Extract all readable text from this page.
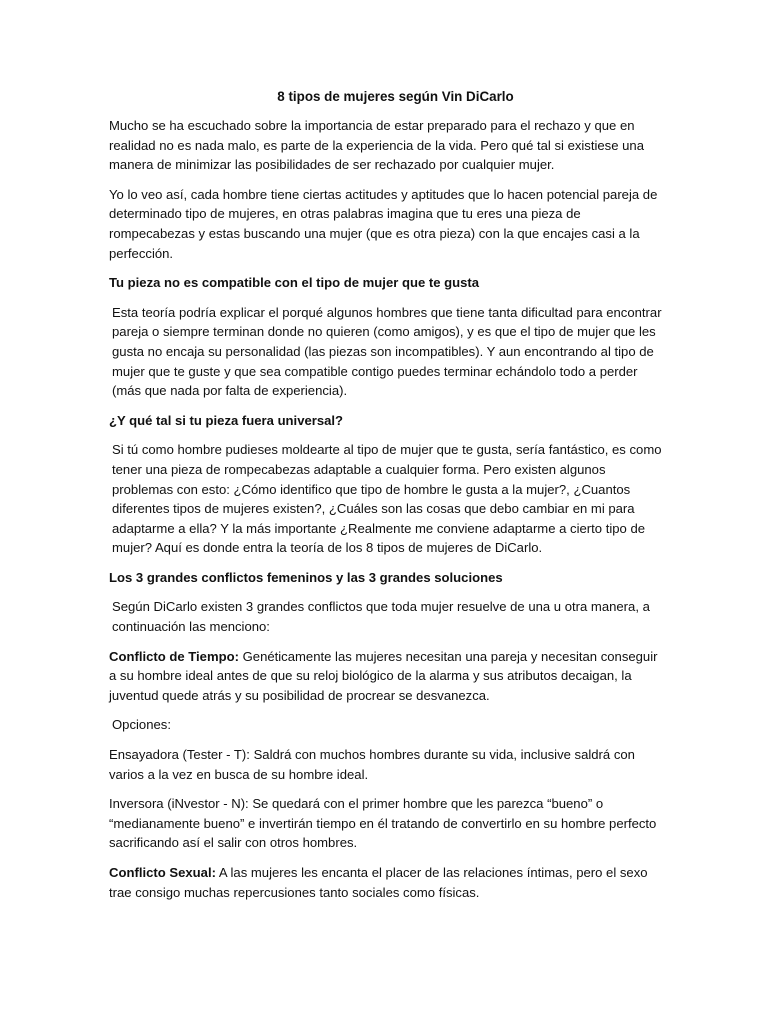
8 tipos de mujeres según Vin DiCarlo

Mucho se ha escuchado sobre la importancia de estar preparado para el rechazo y que en realidad no es nada malo, es parte de la experiencia de la vida. Pero qué tal si existiese una manera de minimizar las posibilidades de ser rechazado por cualquier mujer.

Yo lo veo así, cada hombre tiene ciertas actitudes y aptitudes que lo hacen potencial pareja de determinado tipo de mujeres, en otras palabras imagina que tu eres una pieza de rompecabezas y estas buscando una mujer (que es otra pieza) con la que encajes casi a la perfección.

Tu pieza no es compatible con el tipo de mujer que te gusta

Esta teoría podría explicar el porqué algunos hombres que tiene tanta dificultad para encontrar pareja o siempre terminan donde no quieren (como amigos), y es que el tipo de mujer que les gusta no encaja su personalidad (las piezas son incompatibles). Y aun encontrando al tipo de mujer que te guste y que sea compatible contigo puedes terminar echándolo todo a perder (más que nada por falta de experiencia).

¿Y qué tal si tu pieza fuera universal?

Si tú como hombre pudieses moldearte al tipo de mujer que te gusta, sería fantástico, es como tener una pieza de rompecabezas adaptable a cualquier forma. Pero existen algunos problemas con esto: ¿Cómo identifico que tipo de hombre le gusta a la mujer?, ¿Cuantos diferentes tipos de mujeres existen?, ¿Cuáles son las cosas que debo cambiar en mi para adaptarme a ella? Y la más importante ¿Realmente me conviene adaptarme a cierto tipo de mujer? Aquí es donde entra la teoría de los 8 tipos de mujeres de DiCarlo.

Los 3 grandes conflictos femeninos y las 3 grandes soluciones

Según DiCarlo existen 3 grandes conflictos que toda mujer resuelve de una u otra manera, a continuación las menciono:

Conflicto de Tiempo: Genéticamente las mujeres necesitan una pareja y necesitan conseguir a su hombre ideal antes de que su reloj biológico de la alarma y sus atributos decaigan, la juventud quede atrás y su posibilidad de procrear se desvanezca.

Opciones:

Ensayadora (Tester - T): Saldrá con muchos hombres durante su vida, inclusive saldrá con varios a la vez en busca de su hombre ideal.

Inversora (iNvestor - N): Se quedará con el primer hombre que les parezca “bueno” o “medianamente bueno” e invertirán tiempo en él tratando de convertirlo en su hombre perfecto sacrificando así el salir con otros hombres.

Conflicto Sexual: A las mujeres les encanta el placer de las relaciones íntimas, pero el sexo trae consigo muchas repercusiones tanto sociales como físicas.
